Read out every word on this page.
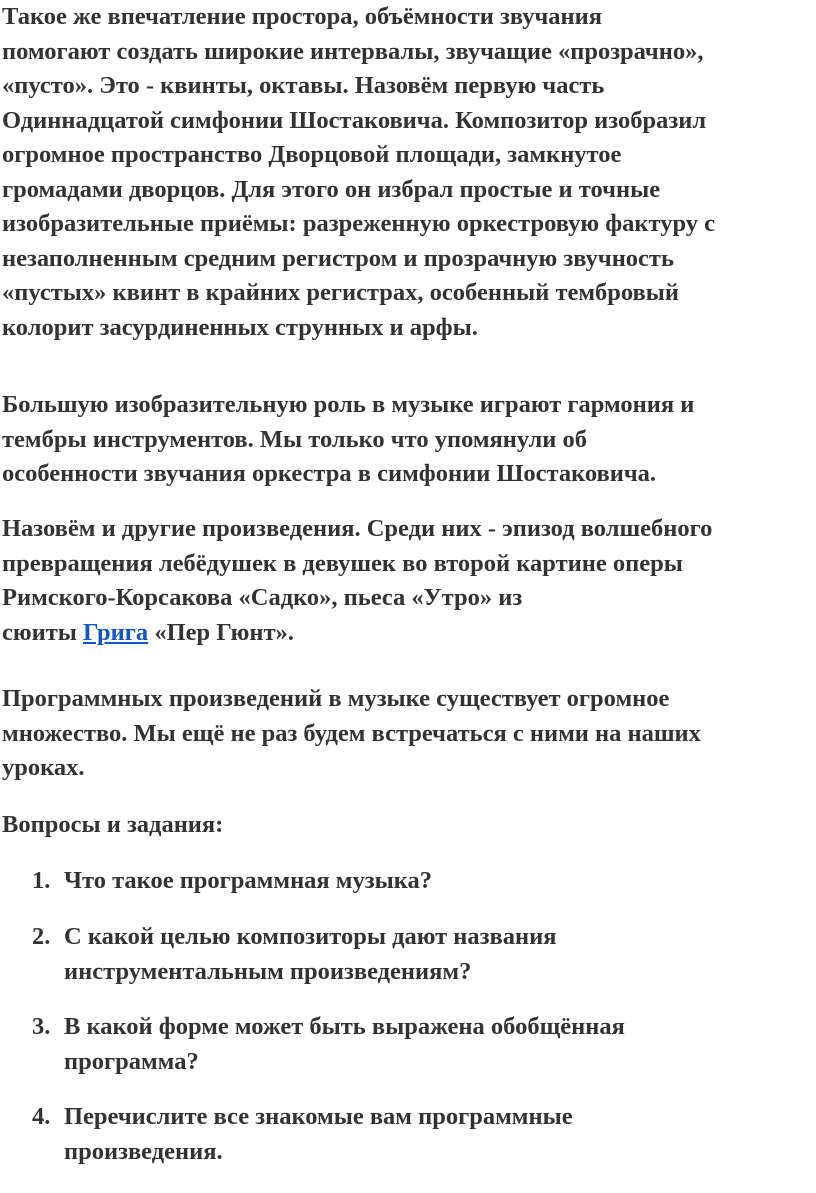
Такое же впечатление простора, объёмности звучания
помогают создать широкие интервалы, звучащие «прозрачно»,
«пусто». Это - квинты, октавы. Назовём первую часть
Одиннадцатой симфонии Шостаковича. Композитор изобразил
огромное пространство Дворцовой площади, замкнутое
громадами дворцов. Для этого он избрал простые и точные
изобразительные приёмы: разреженную оркестровую фактуру с
незаполненным средним регистром и прозрачную звучность
«пустых» квинт в крайних регистрах, особенный тембровый
колорит засурдиненных струнных и арфы.

Большую изобразительную роль в музыке играют гармония и
тембры инструментов. Мы только что упомянули об
особенности звучания оркестра в симфонии Шостаковича.

Назовём и другие произведения. Среди них - эпизод волшебного
превращения лебёдушек в девушек во второй картине оперы
Римского-Корсакова «Садко», пьеса «Утро» из
сюиты Грига «Пер Гюнт».

Программных произведений в музыке существует огромное
множество. Мы ещё не раз будем встречаться с ними на наших
уроках.

Вопросы и задания:

1. Что такое программная музыка?
2. С какой целью композиторы дают названия
инструментальным произведениям?
3. В какой форме может быть выражена обобщённая
программа?
4. Перечислите все знакомые вам программные
произведения.
